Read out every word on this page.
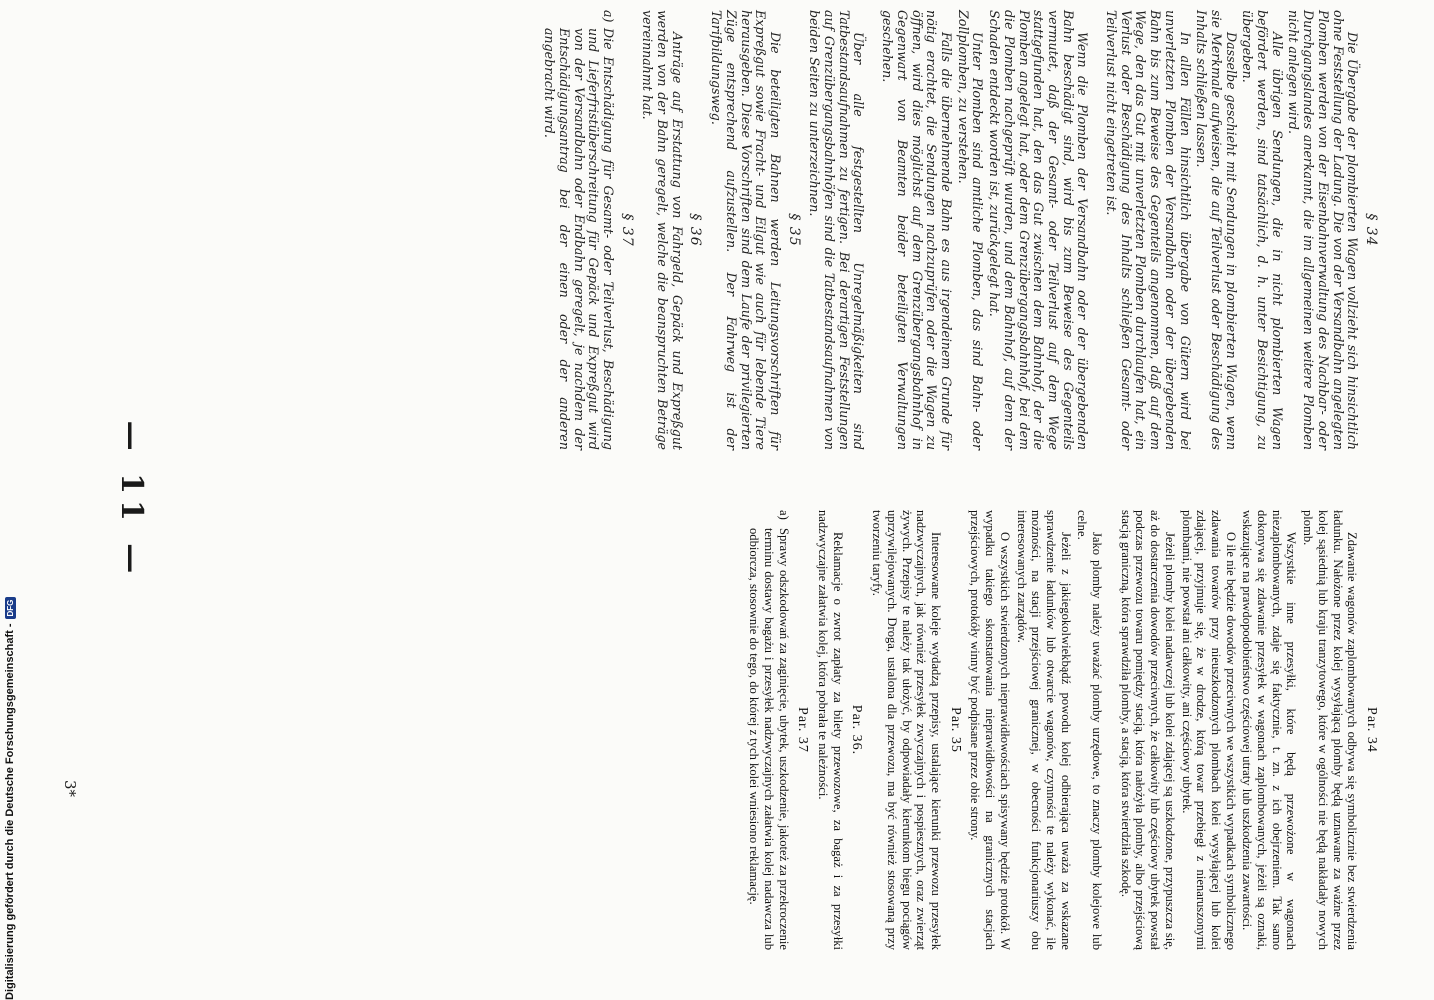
§ 34

Die Übergabe der plombierten Wagen vollzieht sich hinsichtlich ohne Feststellung der Ladung. Die von der Versandbahn angelegten Plomben werden von der Eisenbahnverwaltung des Nachbar- oder Durchgangslandes anerkannt, die im allgemeinen weitere Plomben nicht anlegen wird.

Alle übrigen Sendungen, die in nicht plombierten Wagen befördert werden, sind tatsächlich, d. h. unter Besichtigung, zu übergeben.

Dasselbe geschieht mit Sendungen in plombierten Wagen, wenn sie Merkmale aufweisen, die auf Teilverlust oder Beschädigung des Inhalts schließen lassen.

In allen Fällen hinsichtlich übergabe von Gütern wird bei unverletzten Plomben der Versandbahn oder der übergebenden Bahn bis zum Beweise des Gegenteils angenommen, daß auf dem Wege, den das Gut mit unverletzten Plomben durchlaufen hat, ein Verlust oder Beschädigung des Inhalts schließen Gesamt- oder Teilverlust nicht eingetreten ist.

Wenn die Plomben der Versandbahn oder der übergebenden Bahn beschädigt sind, wird bis zum Beweise des Gegenteils vermutet, daß der Gesamt- oder Teilverlust auf dem Wege stattgefunden hat, den das Gut zwischen dem Bahnhof, der die Plomben angelegt hat, oder dem Grenzübergangsbahnhof, bei dem die Plomben nachgeprüft wurden, und dem Bahnhof, auf dem der Schaden entdeckt worden ist, zurückgelegt hat.

Unter Plomben sind amtliche Plomben, das sind Bahn- oder Zollplomben, zu verstehen.

Falls die übernehmende Bahn es aus irgendeinem Grunde für nötig erachtet, die Sendungen nachzuprüfen oder die Wagen zu öffnen, wird dies möglichst auf dem Grenzübergangsbahnhof in Gegenwart von Beamten beider beteiligten Verwaltungen geschehen.

Über alle festgestellten Unregelmäßigkeiten sind Tatbestandsaufnahmen zu fertigen. Bei derartigen Feststellungen auf Grenzübergangsbahnhöfen sind die Tatbestandsaufnahmen von beiden Seiten zu unterzeichnen.

§ 35

Die beteiligten Bahnen werden Leitungsvorschriften für Expreßgut sowie Fracht- und Eilgut wie auch für lebende Tiere herausgeben. Diese Vorschriften sind dem Laufe der privilegierten Züge entsprechend aufzustellen. Der Fahrweg ist der Tarifbildungsweg.

§ 36

Anträge auf Erstattung von Fahrgeld, Gepäck und Expreßgut werden von der Bahn geregelt, welche die beanspruchten Beträge vereinnahmt hat.

§ 37

a)
Die Entschädigung für Gesamt- oder Teilverlust, Beschädigung und Lieferfristüberschreitung für Gepäck und Expreßgut wird von der Versandbahn oder Endbahn geregelt, je nachdem der Entschädigungsantrag bei der einen oder der anderen angebracht wird.

Par. 34

Zdawanie wagonów zaplombowanych odbywa się symbolicznie bez stwierdzenia ładunku. Nałożone przez kolej wysyłającą plomby będą uznawane za ważne przez kolej sąsiednią lub kraju tranzytowego, które w ogólności nie będą nakładały nowych plomb.

Wszystkie inne przesyłki, które będą przewożone w wagonach niezaplombowanych, zdaje się faktycznie, t. zn. z ich obejrzeniem. Tak samo dokonywa się zdawanie przesyłek w wagonach zaplombowanych, jeżeli są oznaki, wskazujące na prawdopodobieństwo częściowej utraty lub uszkodzenia zawartości.

O ile nie będzie dowodów przeciwnych we wszystkich wypadkach symbolicznego zdawania towarów przy nieuszkodzonych plombach kolei wysyłającej lub kolei zdającej, przyjmuje się, że w drodze, którą towar przebiegł z nienaruszonymi plombami, nie powstał ani całkowity, ani częściowy ubytek.

Jeżeli plomby kolei nadawczej lub kolei zdającej są uszkodzone, przypuszcza się, aż do dostarczenia dowodów przeciwnych, że całkowity lub częściowy ubytek powstał podczas przewozu towaru pomiędzy stacją, która nałożyła plomby, albo przejściową stacją graniczną, która sprawdziła plomby, a stacją, która stwierdziła szkodę.

Jako plomby należy uważać plomby urzędowe, to znaczy plomby kolejowe lub celne.

Jeżeli z jakiegokolwiekbądź powodu kolej odbierająca uważa za wskazane sprawdzenie ładunków lub otwarcie wagonów, czynności te należy wykonać, ile możności, na stacji przejściowej granicznej, w obecności funkcjonariuszy obu interesowanych zarządów.

O wszystkich stwierdzonych nieprawidłowościach spisywany będzie protokół. W wypadku takiego skonstatowania nieprawidłowości na granicznych stacjach przejściowych, protokóły winny być podpisane przez obie strony.

Par. 35

Interesowane koleje wydadzą przepisy, ustalające kierunki przewozu przesyłek nadzwyczajnych, jak również przesyłek zwyczajnych i pospiesznych, oraz zwierząt żywych. Przepisy te należy tak ułożyć, by odpowiadały kierunkom biegu pociągów uprzywilejowanych. Droga, ustalona dla przewozu, ma być również stosowaną przy tworzeniu taryfy.

Par. 36.

Reklamacje o zwrot zapłaty za bilety przewozowe, za bagaż i za przesyłki nadzwyczajne załatwia kolej, która pobrała te należności.

Par. 37

a)
Sprawy odszkodowań za zaginięcie, ubytek, uszkodzenie, jakoteż za przekroczenie terminu dostawy bagażu i przesyłek nadzwyczajnych załatwia kolej nadawcza lub odbiorcza, stosownie do tego, do której z tych kolei wniesiono reklamację.

— 11 —
3*
Digitalisierung gefördert durch die Deutsche Forschungsgemeinschaft -
DFG
